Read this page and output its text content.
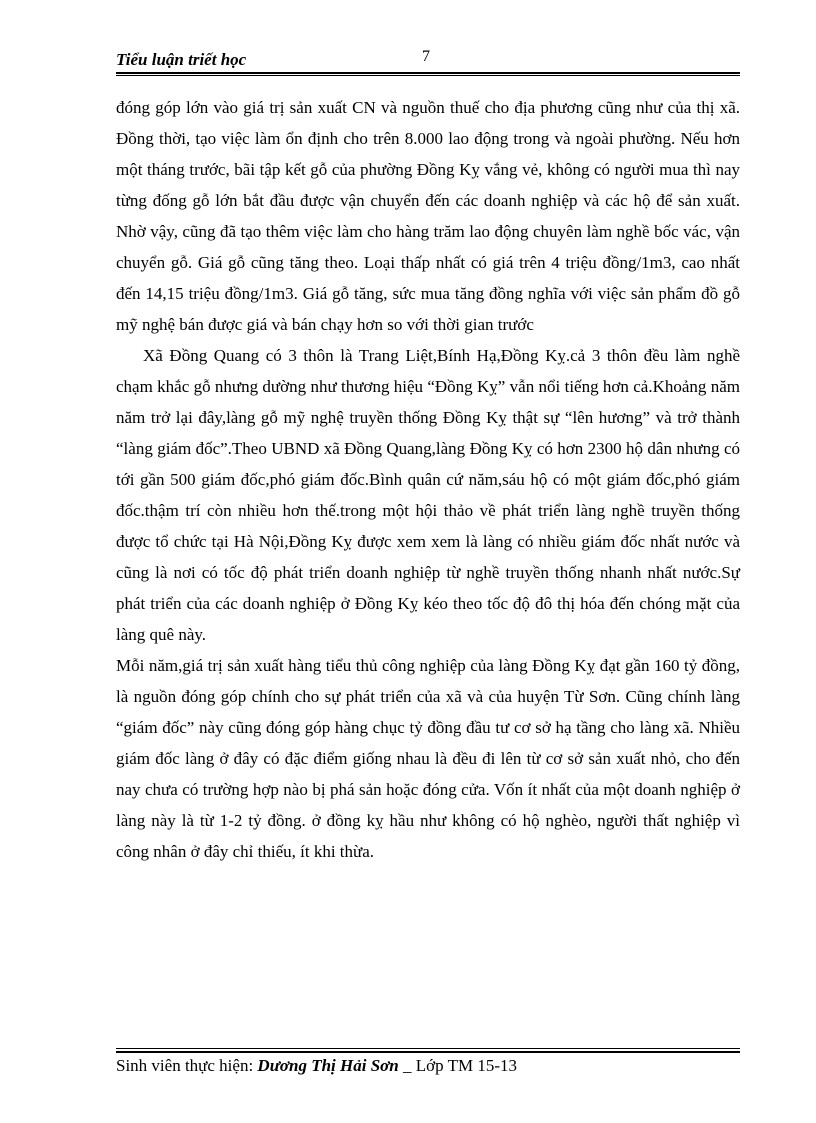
Tiểu luận triết học	7

đóng góp lớn vào giá trị sản xuất CN và nguồn thuế cho địa phương cũng như của thị xã. Đồng thời, tạo việc làm ổn định cho trên 8.000 lao động trong và ngoài phường. Nếu hơn một tháng trước, bãi tập kết gỗ của phường Đồng Kỵ vắng vẻ, không có người mua thì nay từng đống gỗ lớn bắt đầu được vận chuyển đến các doanh nghiệp và các hộ để sản xuất. Nhờ vậy, cũng đã tạo thêm việc làm cho hàng trăm lao động chuyên làm nghề bốc vác, vận chuyển gỗ. Giá gỗ cũng tăng theo. Loại thấp nhất có giá trên 4 triệu đồng/1m3, cao nhất đến 14,15 triệu đồng/1m3. Giá gỗ tăng, sức mua tăng đồng nghĩa với việc sản phẩm đồ gỗ mỹ nghệ bán được giá và bán chạy hơn so với thời gian trước

Xã Đồng Quang có 3 thôn là Trang Liệt,Bính Hạ,Đồng Kỵ.cả 3 thôn đều làm nghề chạm khắc gỗ nhưng dường như thương hiệu “Đồng Kỵ” vẫn nổi tiếng hơn cả.Khoảng năm năm trở lại đây,làng gỗ mỹ nghệ truyền thống Đồng Kỵ thật sự “lên hương” và trở thành “làng giám đốc”.Theo UBND xã Đồng Quang,làng Đồng Kỵ có hơn 2300 hộ dân nhưng có tới gần 500 giám đốc,phó giám đốc.Bình quân cứ năm,sáu hộ có một giám đốc,phó giám đốc.thậm trí còn nhiều hơn thế.trong một hội thảo về phát triển làng nghề truyền thống được tổ chức tại Hà Nội,Đồng Kỵ được xem xem là làng có nhiều giám đốc nhất nước và cũng là nơi có tốc độ phát triển doanh nghiệp từ nghề truyền thống nhanh nhất nước.Sự phát triển của các doanh nghiệp ở Đồng Kỵ kéo theo tốc độ đô thị hóa đến chóng mặt của làng quê này.

Mỗi năm,giá trị sản xuất hàng tiểu thủ công nghiệp của làng Đồng Kỵ đạt gần 160 tỷ đồng, là nguồn đóng góp chính cho sự phát triển của xã và của huyện Từ Sơn. Cũng chính làng “giám đốc” này cũng đóng góp hàng chục tỷ đồng đầu tư cơ sở hạ tầng cho làng xã. Nhiều giám đốc làng ở đây có đặc điểm giống nhau là đều đi lên từ cơ sở sản xuất nhỏ, cho đến nay chưa có trường hợp nào bị phá sản hoặc đóng cửa. Vốn ít nhất của một doanh nghiệp ở làng này là từ 1-2 tỷ đồng. ở đồng kỵ hầu như không có hộ nghèo, người thất nghiệp vì công nhân ở đây chỉ thiếu, ít khi thừa.

Sinh viên thực hiện: Dương Thị Hải Sơn _ Lớp TM 15-13
